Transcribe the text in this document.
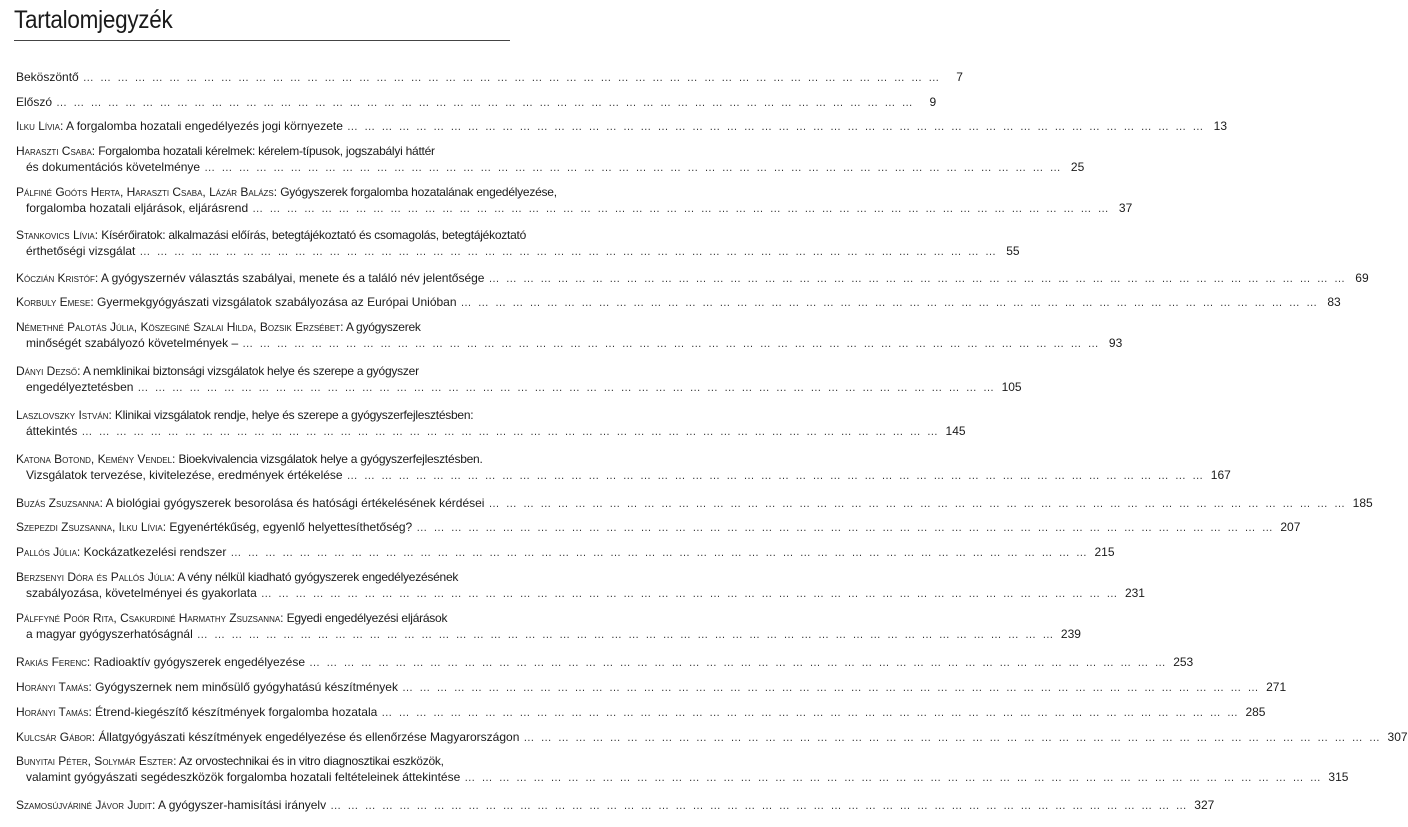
Tartalomjegyzék
Beköszöntő … … … … … … … … … … … … … … … … … … … … … … … … … … … … … … … … … … … … … … … … … … … … … … … … … …	7
Előszó … … … … … … … … … … … … … … … … … … … … … … … … … … … … … … … … … … … … … … … … … … … … … … … … … …	9
Ilku Lívia: A forgalomba hozatali engedélyezés jogi környezete … … … … … … … … … … … … … … … … … … … … … … … … … … … … … … … … … … … … … … … … … … … … … … … … … … 13
Haraszti Csaba: Forgalomba hozatali kérelmek: kérelem-típusok, jogszabályi háttér
és dokumentációs követelménye … … … … … … … … … … … … … … … … … … … … … … … … … … … … … … … … … … … … … … … … … … … … … … … … … … 25
Pálfiné Goóts Herta, Haraszti Csaba, Lázár Balázs: Gyógyszerek forgalomba hozatalának engedélyezése,
forgalomba hozatali eljárások, eljárásrend … … … … … … … … … … … … … … … … … … … … … … … … … … … … … … … … … … … … … … … … … … … … … … … … … … 37
Stankovics Lívia: Kísérőiratok: alkalmazási előírás, betegtájékoztató és csomagolás, betegtájékoztató
érthetőségi vizsgálat … … … … … … … … … … … … … … … … … … … … … … … … … … … … … … … … … … … … … … … … … … … … … … … … … … 55
Kóczián Kristóf: A gyógyszernév választás szabályai, menete és a találó név jelentősége … … … … … … … … … … … … … … … … … … … … … … … … … … … … … … … … … … … … … … … … … … … … … … … … … … 69
Korbuly Emese: Gyermekgyógyászati vizsgálatok szabályozása az Európai Unióban … … … … … … … … … … … … … … … … … … … … … … … … … … … … … … … … … … … … … … … … … … … … … … … … … … 83
Némethné Palotás Júlia, Köszeginé Szalai Hilda, Bozsik Erzsébet: A gyógyszerek
minőségét szabályozó követelmények – … … … … … … … … … … … … … … … … … … … … … … … … … … … … … … … … … … … … … … … … … … … … … … … … … … 93
Dányi Dezső: A nemklinikai biztonsági vizsgálatok helye és szerepe a gyógyszer
engedélyeztetésben … … … … … … … … … … … … … … … … … … … … … … … … … … … … … … … … … … … … … … … … … … … … … … … … … … 105
Laszlovszky István: Klinikai vizsgálatok rendje, helye és szerepe a gyógyszerfejlesztésben:
áttekintés … … … … … … … … … … … … … … … … … … … … … … … … … … … … … … … … … … … … … … … … … … … … … … … … … … 145
Katona Botond, Kemény Vendel: Bioekvivalencia vizsgálatok helye a gyógyszerfejlesztésben.
Vizsgálatok tervezése, kivitelezése, eredmények értékelése … … … … … … … … … … … … … … … … … … … … … … … … … … … … … … … … … … … … … … … … … … … … … … … … … … 167
Buzás Zsuzsanna: A biológiai gyógyszerek besorolása és hatósági értékelésének kérdései … … … … … … … … … … … … … … … … … … … … … … … … … … … … … … … … … … … … … … … … … … … … … … … … … … 185
Szepezdi Zsuzsanna, Ilku Lívia: Egyenértékűség, egyenlő helyettesíthetőség? … … … … … … … … … … … … … … … … … … … … … … … … … … … … … … … … … … … … … … … … … … … … … … … … … … 207
Pallós Júlia: Kockázatkezelési rendszer … … … … … … … … … … … … … … … … … … … … … … … … … … … … … … … … … … … … … … … … … … … … … … … … … … 215
Berzsenyi Dóra és Pallós Júlia: A vény nélkül kiadható gyógyszerek engedélyezésének
szabályozása, követelményei és gyakorlata … … … … … … … … … … … … … … … … … … … … … … … … … … … … … … … … … … … … … … … … … … … … … … … … … … 231
Pálffyné Poór Rita, Csakurdiné Harmathy Zsuzsanna: Egyedi engedélyezési eljárások
a magyar gyógyszerhatóságnál … … … … … … … … … … … … … … … … … … … … … … … … … … … … … … … … … … … … … … … … … … … … … … … … … … 239
Rakiás Ferenc: Radioaktív gyógyszerek engedélyezése … … … … … … … … … … … … … … … … … … … … … … … … … … … … … … … … … … … … … … … … … … … … … … … … … … 253
Horányi Tamás: Gyógyszernek nem minősülő gyógyhatású készítmények … … … … … … … … … … … … … … … … … … … … … … … … … … … … … … … … … … … … … … … … … … … … … … … … … … 271
Horányi Tamás: Étrend-kiegészítő készítmények forgalomba hozatala … … … … … … … … … … … … … … … … … … … … … … … … … … … … … … … … … … … … … … … … … … … … … … … … … … 285
Kulcsár Gábor: Állatgyógyászati készítmények engedélyezése és ellenőrzése Magyarországon … … … … … … … … … … … … … … … … … … … … … … … … … … … … … … … … … … … … … … … … … … … … … … … … … … 307
Bunyitai Péter, Solymár Eszter: Az orvostechnikai és in vitro diagnosztikai eszközök,
valamint gyógyászati segédeszközök forgalomba hozatali feltételeinek áttekintése … … … … … … … … … … … … … … … … … … … … … … … … … … … … … … … … … … … … … … … … … … … … … … … … … … 315
Szamosújváriné Jávor Judit: A gyógyszer-hamisítási irányelv … … … … … … … … … … … … … … … … … … … … … … … … … … … … … … … … … … … … … … … … … … … … … … … … … … 327
